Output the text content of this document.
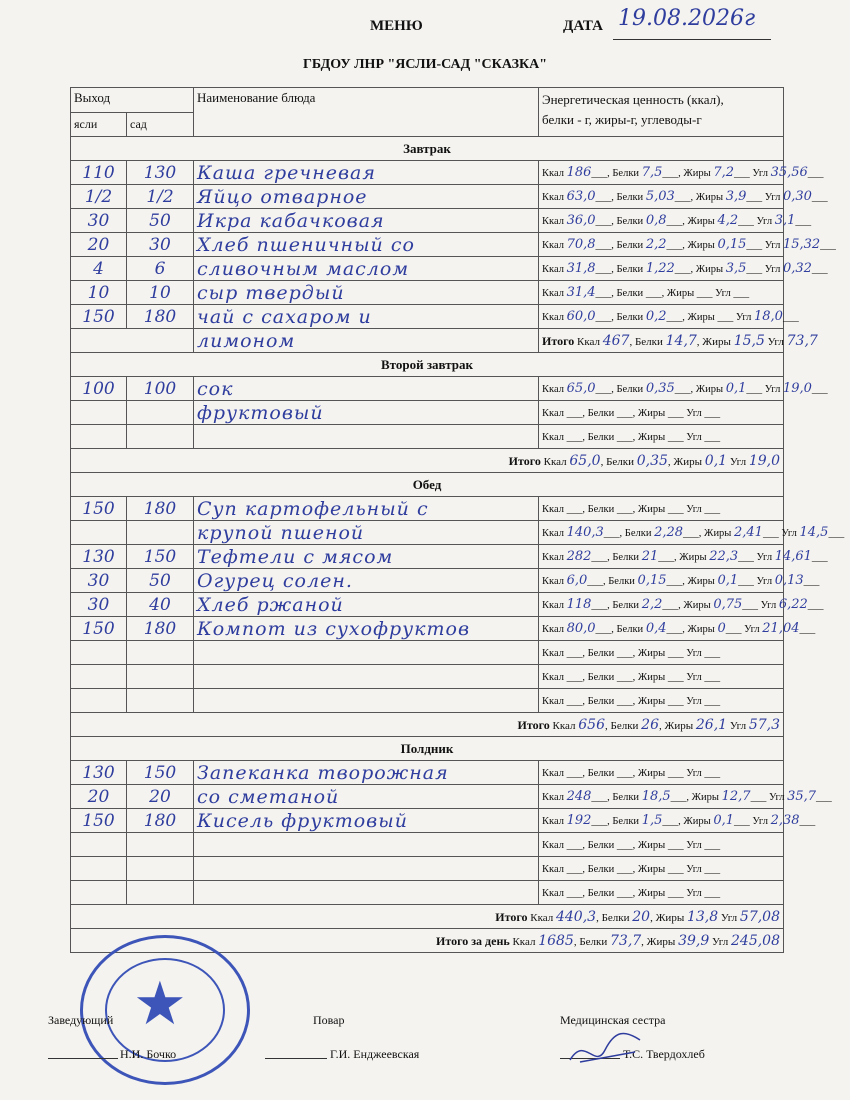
МЕНЮ	ДАТА 19.08.2026г
ГБДОУ ЛНР "ЯСЛИ-САД "СКАЗКА"
Выход		Наименование блюда	Энергетическая ценность (ккал),
белки - г, жиры-г, углеводы-г
ясли	сад		
Завтрак			
110	130	Каша гречневая	Ккал 186___, Белки 7,5___, Жиры 7,2___ Угл 35,56___
1/2	1/2	Яйцо отварное	Ккал 63,0___, Белки 5,03___, Жиры 3,9___ Угл 0,30___
30	50	Икра кабачковая	Ккал 36,0___, Белки 0,8___, Жиры 4,2___ Угл 3,1___
20	30	Хлеб пшеничный со	Ккал 70,8___, Белки 2,2___, Жиры 0,15___ Угл 15,32___
4	6	сливочным маслом	Ккал 31,8___, Белки 1,22___, Жиры 3,5___ Угл 0,32___
10	10	сыр твердый	Ккал 31,4___, Белки ___, Жиры ___ Угл ___
150	180	чай с сахаром и	Ккал 60,0___, Белки 0,2___, Жиры ___ Угл 18,0___
		лимоном	Итого Ккал 467, Белки 14,7, Жиры 15,5 Угл 73,7
Второй завтрак			
100	100	сок	Ккал 65,0___, Белки 0,35___, Жиры 0,1___ Угл 19,0___
		фруктовый	Ккал ___, Белки ___, Жиры ___ Угл ___
			Ккал ___, Белки ___, Жиры ___ Угл ___
Итого Ккал 65,0, Белки 0,35, Жиры 0,1 Угл 19,0			
Обед			
150	180	Суп картофельный с	Ккал ___, Белки ___, Жиры ___ Угл ___
		крупой пшеной	Ккал 140,3___, Белки 2,28___, Жиры 2,41___ Угл 14,5___
130	150	Тефтели с мясом	Ккал 282___, Белки 21___, Жиры 22,3___ Угл 14,61___
30	50	Огурец солен.	Ккал 6,0___, Белки 0,15___, Жиры 0,1___ Угл 0,13___
30	40	Хлеб ржаной	Ккал 118___, Белки 2,2___, Жиры 0,75___ Угл 6,22___
150	180	Компот из сухофруктов	Ккал 80,0___, Белки 0,4___, Жиры 0___ Угл 21,04___
			Ккал ___, Белки ___, Жиры ___ Угл ___
			Ккал ___, Белки ___, Жиры ___ Угл ___
			Ккал ___, Белки ___, Жиры ___ Угл ___
Итого Ккал 656, Белки 26, Жиры 26,1 Угл 57,3			
Полдник			
130	150	Запеканка творожная	Ккал ___, Белки ___, Жиры ___ Угл ___
20	20	со сметаной	Ккал 248___, Белки 18,5___, Жиры 12,7___ Угл 35,7___
150	180	Кисель фруктовый	Ккал 192___, Белки 1,5___, Жиры 0,1___ Угл 2,38___
			Ккал ___, Белки ___, Жиры ___ Угл ___
			Ккал ___, Белки ___, Жиры ___ Угл ___
			Ккал ___, Белки ___, Жиры ___ Угл ___
Итого Ккал 440,3, Белки 20, Жиры 13,8 Угл 57,08			
Итого за день Ккал 1685, Белки 73,7, Жиры 39,9 Угл 245,08			
★
Заведующий
Н.И. Бочко
Повар
Г.И. Енджеевская
Медицинская сестра
Т.С. Твердохлеб
